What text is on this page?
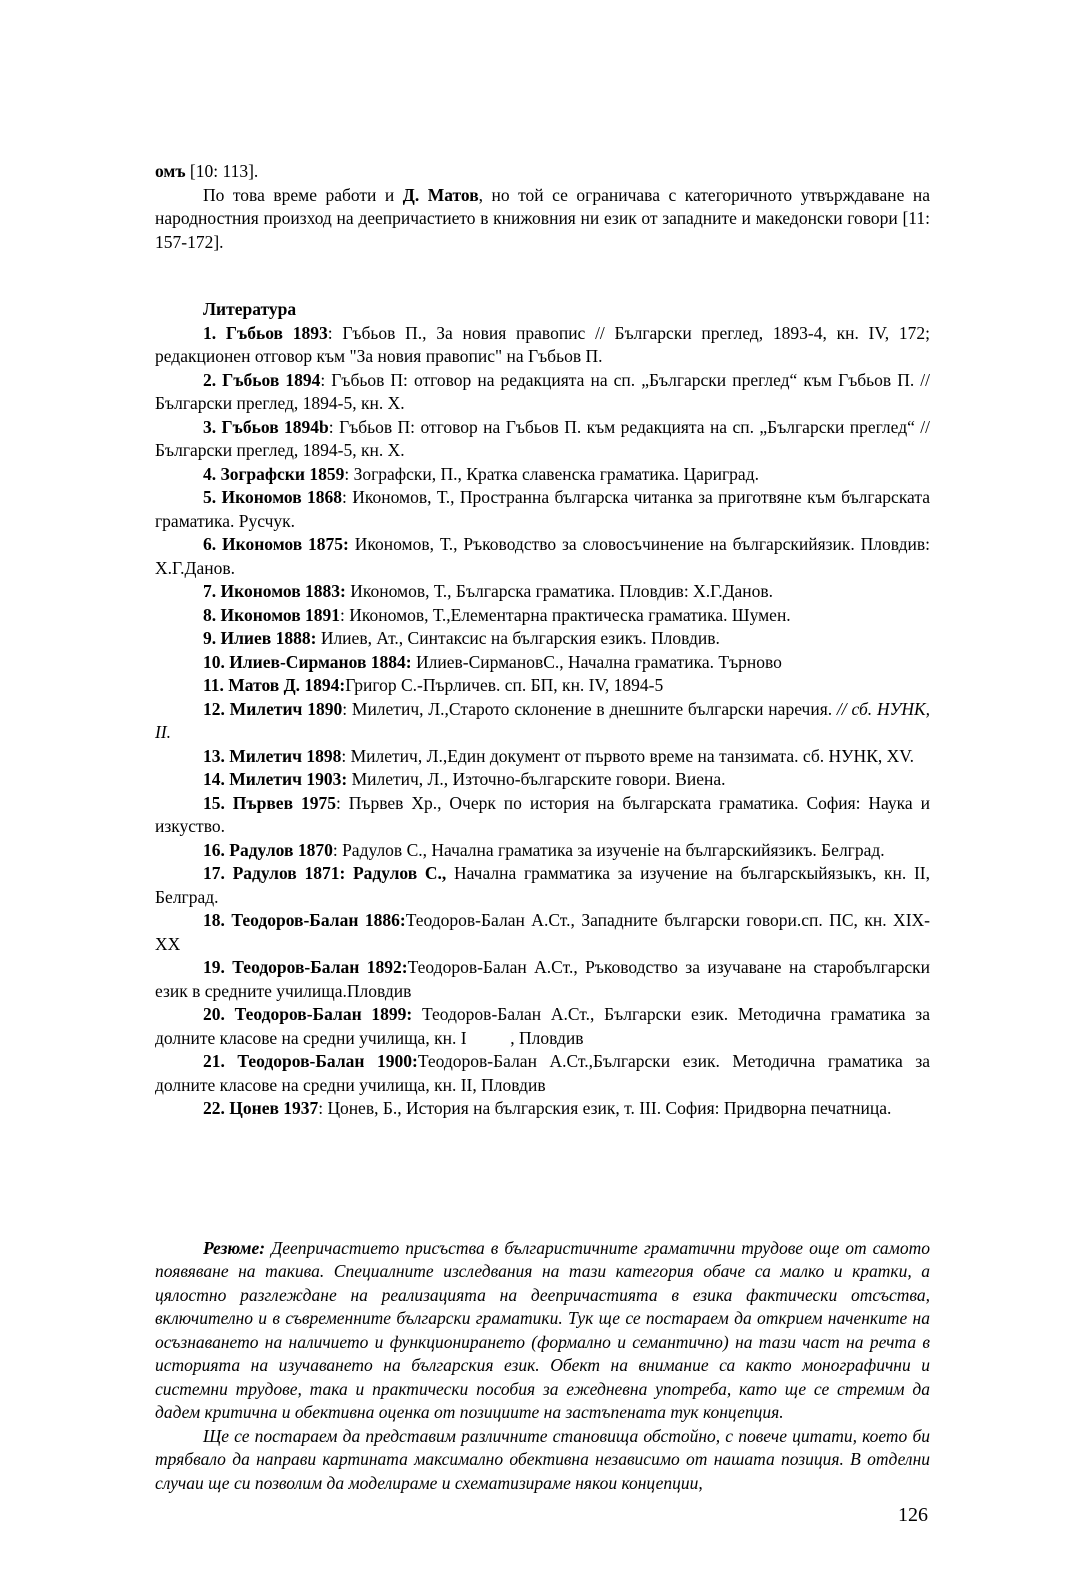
омъ [10: 113].

По това време работи и Д. Матов, но той се ограничава с категоричното утвърждаване на народностния произход на деепричастието в книжовния ни език от западните и македонски говори [11: 157-172].

Литература

1. Гъбьов 1893: Гъбьов П., За новия правопис // Български преглед, 1893-4, кн. IV, 172; редакционен отговор към "За новия правопис" на Гъбьов П.

2. Гъбьов 1894: Гъбьов П: отговор на редакцията на сп. „Български преглед“ към Гъбьов П. // Български преглед, 1894-5, кн. Х.

3. Гъбьов 1894b: Гъбьов П: отговор на Гъбьов П. към редакцията на сп. „Български преглед“ // Български преглед, 1894-5, кн. Х.

4. Зографски 1859: Зографски, П., Кратка славенска граматика. Цариград.

5. Икономов 1868: Икономов, Т., Пространна българска читанка за приготвяне към българската граматика. Русчук.

6. Икономов 1875: Икономов, Т., Ръководство за словосъчинение на българскийязик. Пловдив: Х.Г.Данов.

7. Икономов 1883: Икономов, Т., Българска граматика. Пловдив: Х.Г.Данов.

8. Икономов 1891: Икономов, Т.,Елементарна практическа граматика. Шумен.

9. Илиев 1888: Илиев, Ат., Синтаксис на българския езикъ. Пловдив.

10. Илиев-Сирманов 1884: Илиев-СирмановС., Начална граматика. Търново

11. Матов Д. 1894:Григор С.-Пърличев. сп. БП, кн. IV, 1894-5

12. Милетич 1890: Милетич, Л.,Старото склонение в днешните български наречия. // сб. НУНК, II.

13. Милетич 1898: Милетич, Л.,Един документ от първото време на танзимата. сб. НУНК, XV.

14. Милетич 1903: Милетич, Л., Източно-българските говори. Виена.

15. Първев 1975: Първев Хр., Очерк по история на българската граматика. София: Наука и изкуство.

16. Радулов 1870: Радулов С., Начална граматика за изученіе на българскийязикъ. Белград.

17. Радулов 1871: Радулов С., Начална грамматика за изучение на българскыйязыкъ, кн. II, Белград.

18. Теодоров-Балан 1886:Теодоров-Балан А.Ст., Западните български говори.сп. ПС, кн. XIX-XX

19. Теодоров-Балан 1892:Теодоров-Балан А.Ст., Ръководство за изучаване на старобългарски език в средните училища.Пловдив

20. Теодоров-Балан 1899: Теодоров-Балан А.Ст., Български език. Методична граматика за долните класове на средни училища, кн. I          , Пловдив

21. Теодоров-Балан 1900:Теодоров-Балан А.Ст.,Български език. Методична граматика за долните класове на средни училища, кн. II, Пловдив

22. Цонев 1937: Цонев, Б., История на българския език, т. III. София: Придворна печатница.

Резюме: Деепричастието присъства в българистичните граматични трудове още от самото появяване на такива. Специалните изследвания на тази категория обаче са малко и кратки, а цялостно разглеждане на реализацията на деепричастията в езика фактически отсъства, включително и в съвременните български граматики. Тук ще се постараем да открием наченките на осъзнаването на наличието и функционирането (формално и семантично) на тази част на речта в историята на изучаването на българския език. Обект на внимание са както монографични и системни трудове, така и практически пособия за ежедневна употреба, като ще се стремим да дадем критична и обективна оценка от позициите на застъпената тук концепция.

Ще се постараем да представим различните становища обстойно, с повече цитати, което би трябвало да направи картината максимално обективна независимо от нашата позиция. В отделни случаи ще си позволим да моделираме и схематизираме някои концепции,

126
